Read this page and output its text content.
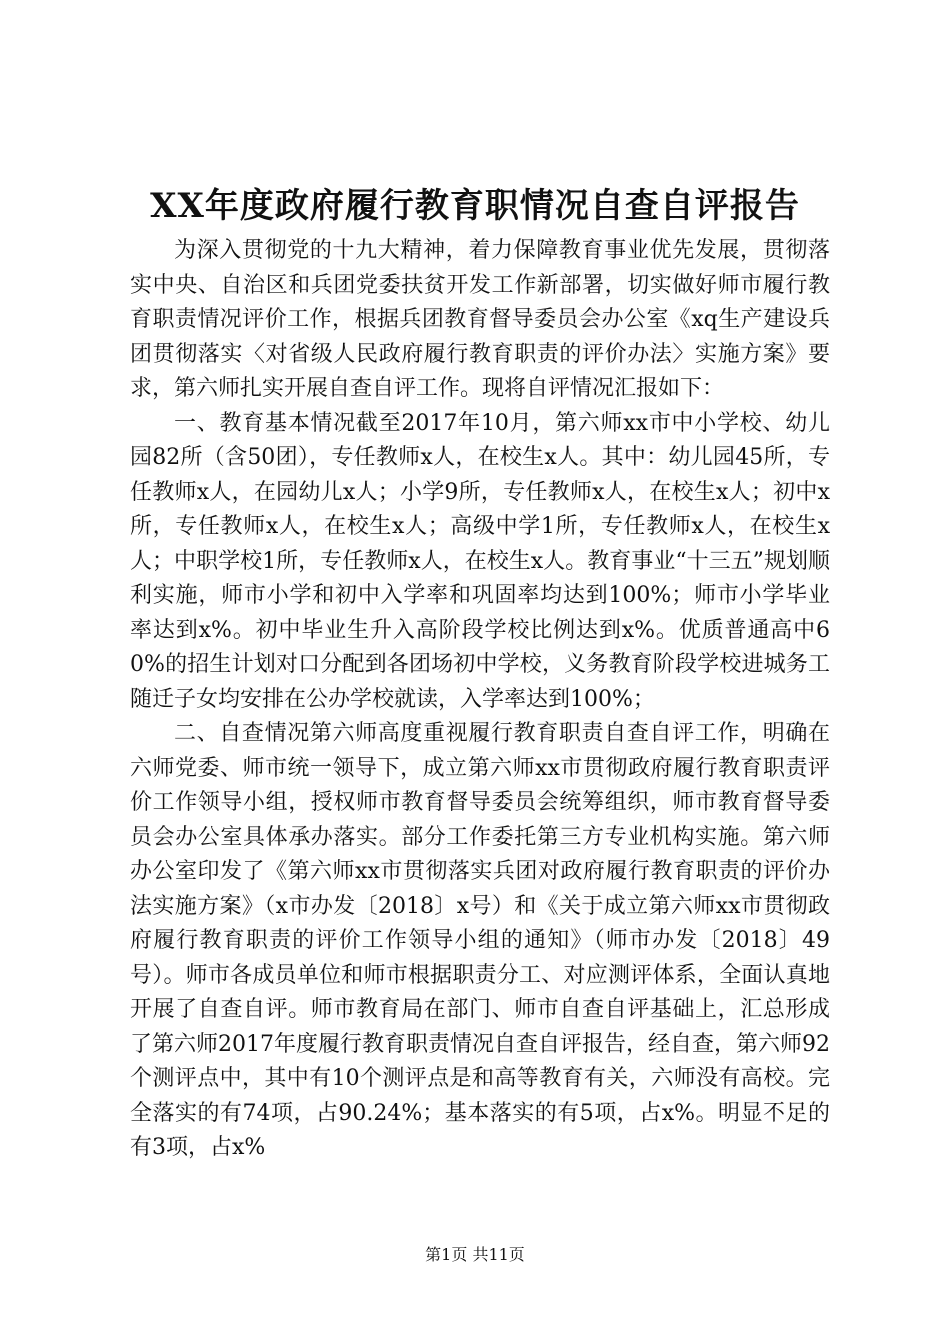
XX年度政府履行教育职情况自查自评报告

为深入贯彻党的十九大精神，着力保障教育事业优先发展，贯彻落实中央、自治区和兵团党委扶贫开发工作新部署，切实做好师市履行教育职责情况评价工作，根据兵团教育督导委员会办公室《xq生产建设兵团贯彻落实〈对省级人民政府履行教育职责的评价办法〉实施方案》要求，第六师扎实开展自查自评工作。现将自评情况汇报如下：

一、教育基本情况截至2017年10月，第六师xx市中小学校、幼儿园82所（含50团），专任教师x人，在校生x人。其中：幼儿园45所，专任教师x人，在园幼儿x人；小学9所，专任教师x人，在校生x人；初中x所，专任教师x人，在校生x人；高级中学1所，专任教师x人，在校生x人；中职学校1所，专任教师x人，在校生x人。教育事业“十三五”规划顺利实施，师市小学和初中入学率和巩固率均达到100%；师市小学毕业率达到x%。初中毕业生升入高阶段学校比例达到x%。优质普通高中60%的招生计划对口分配到各团场初中学校，义务教育阶段学校进城务工随迁子女均安排在公办学校就读，入学率达到100%；

二、自查情况第六师高度重视履行教育职责自查自评工作，明确在六师党委、师市统一领导下，成立第六师xx市贯彻政府履行教育职责评价工作领导小组，授权师市教育督导委员会统筹组织，师市教育督导委员会办公室具体承办落实。部分工作委托第三方专业机构实施。第六师办公室印发了《第六师xx市贯彻落实兵团对政府履行教育职责的评价办法实施方案》（x市办发〔2018〕x号）和《关于成立第六师xx市贯彻政府履行教育职责的评价工作领导小组的通知》（师市办发〔2018〕49号）。师市各成员单位和师市根据职责分工、对应测评体系，全面认真地开展了自查自评。师市教育局在部门、师市自查自评基础上，汇总形成了第六师2017年度履行教育职责情况自查自评报告，经自查，第六师92个测评点中，其中有10个测评点是和高等教育有关，六师没有高校。完全落实的有74项，占90.24%；基本落实的有5项，占x%。明显不足的有3项，占x%

第1页 共11页
